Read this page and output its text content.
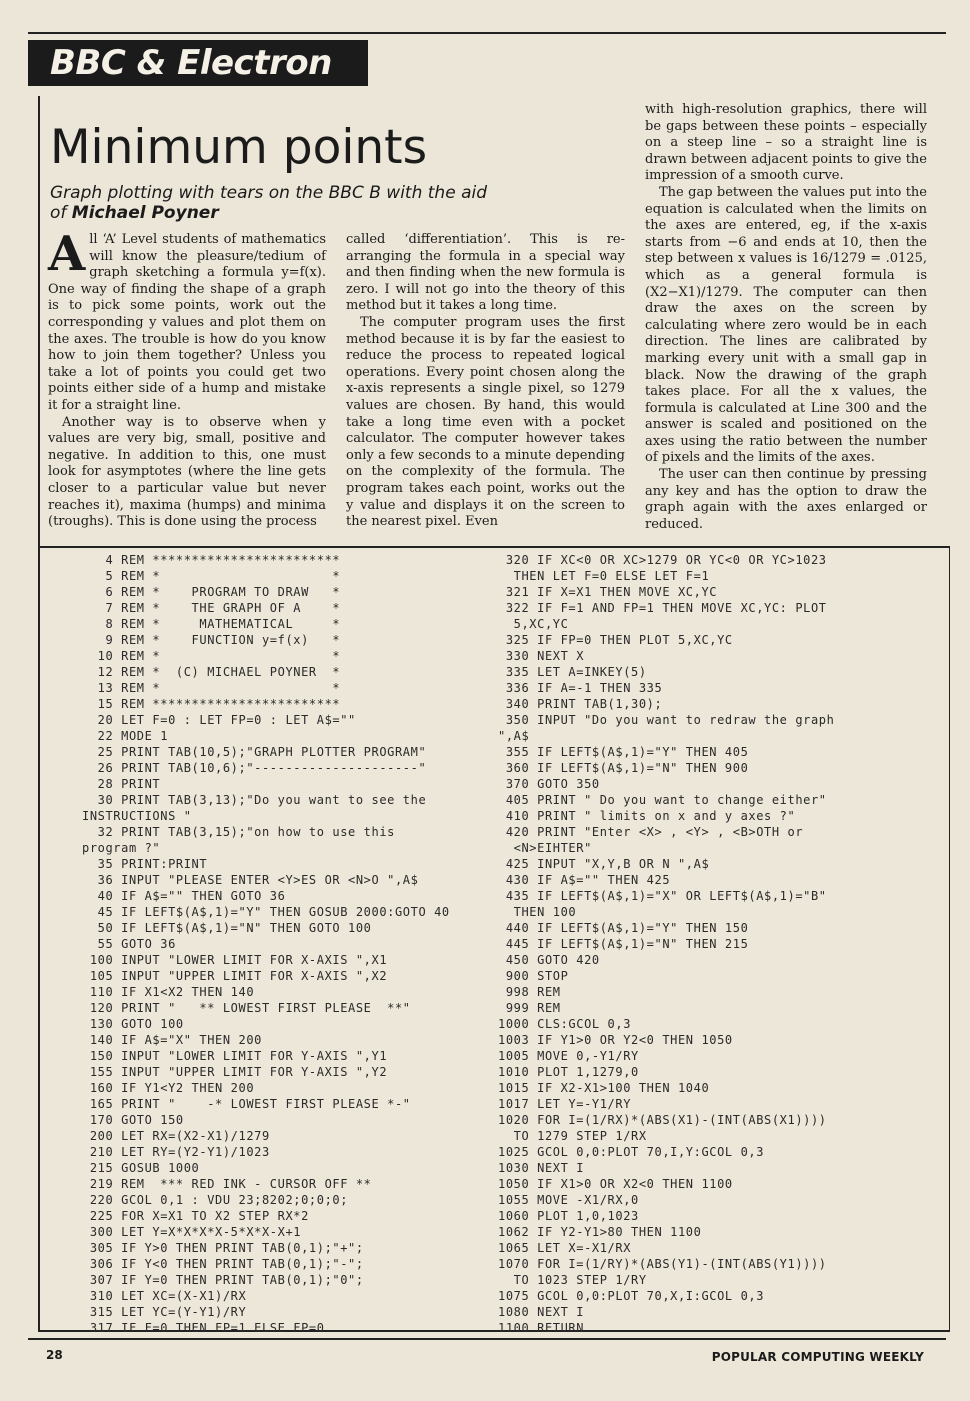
BBC & Electron
Minimum points
Graph plotting with tears on the BBC B with the aid of Michael Poyner

All ‘A’ Level students of mathematics will know the pleasure/tedium of graph sketching a formula y=f(x). One way of finding the shape of a graph is to pick some points, work out the corresponding y values and plot them on the axes. The trouble is how do you know how to join them together? Unless you take a lot of points you could get two points either side of a hump and mistake it for a straight line.

Another way is to observe when y values are very big, small, positive and negative. In addition to this, one must look for asymptotes (where the line gets closer to a particular value but never reaches it), maxima (humps) and minima (troughs). This is done using the process

called ‘differentiation’. This is re-arranging the formula in a special way and then finding when the new formula is zero. I will not go into the theory of this method but it takes a long time.

The computer program uses the first method because it is by far the easiest to reduce the process to repeated logical operations. Every point chosen along the x-axis represents a single pixel, so 1279 values are chosen. By hand, this would take a long time even with a pocket calculator. The computer however takes only a few seconds to a minute depending on the complexity of the formula. The program takes each point, works out the y value and displays it on the screen to the nearest pixel. Even

with high-resolution graphics, there will be gaps between these points – especially on a steep line – so a straight line is drawn between adjacent points to give the impression of a smooth curve.

The gap between the values put into the equation is calculated when the limits on the axes are entered, eg, if the x-axis starts from −6 and ends at 10, then the step between x values is 16/1279 = .0125, which as a general formula is (X2−X1)/1279. The computer can then draw the axes on the screen by calculating where zero would be in each direction. The lines are calibrated by marking every unit with a small gap in black. Now the drawing of the graph takes place. For all the x values, the formula is calculated at Line 300 and the answer is scaled and positioned on the axes using the ratio between the number of pixels and the limits of the axes.

The user can then continue by pressing any key and has the option to draw the graph again with the axes enlarged or reduced.

4 REM ************************
5 REM *                      *
6 REM *    PROGRAM TO DRAW   *
7 REM *    THE GRAPH OF A    *
8 REM *     MATHEMATICAL     *
9 REM *    FUNCTION y=f(x)   *
10 REM *                      *
12 REM *  (C) MICHAEL POYNER  *
13 REM *                      *
15 REM ************************
20 LET F=0 : LET FP=0 : LET A$=""
22 MODE 1
25 PRINT TAB(10,5);"GRAPH PLOTTER PROGRAM"
26 PRINT TAB(10,6);"---------------------"
28 PRINT
30 PRINT TAB(3,13);"Do you want to see the
INSTRUCTIONS "
32 PRINT TAB(3,15);"on how to use this
program ?"
35 PRINT:PRINT
36 INPUT "PLEASE ENTER <Y>ES OR <N>O ",A$
40 IF A$="" THEN GOTO 36
45 IF LEFT$(A$,1)="Y" THEN GOSUB 2000:GOTO 40
50 IF LEFT$(A$,1)="N" THEN GOTO 100
55 GOTO 36
100 INPUT "LOWER LIMIT FOR X-AXIS ",X1
105 INPUT "UPPER LIMIT FOR X-AXIS ",X2
110 IF X1<X2 THEN 140
120 PRINT "   ** LOWEST FIRST PLEASE  **"
130 GOTO 100
140 IF A$="X" THEN 200
150 INPUT "LOWER LIMIT FOR Y-AXIS ",Y1
155 INPUT "UPPER LIMIT FOR Y-AXIS ",Y2
160 IF Y1<Y2 THEN 200
165 PRINT "    -* LOWEST FIRST PLEASE *-"
170 GOTO 150
200 LET RX=(X2-X1)/1279
210 LET RY=(Y2-Y1)/1023
215 GOSUB 1000
219 REM  *** RED INK - CURSOR OFF **
220 GCOL 0,1 : VDU 23;8202;0;0;0;
225 FOR X=X1 TO X2 STEP RX*2
300 LET Y=X*X*X*X-5*X*X-X+1
305 IF Y>0 THEN PRINT TAB(0,1);"+";
306 IF Y<0 THEN PRINT TAB(0,1);"-";
307 IF Y=0 THEN PRINT TAB(0,1);"0";
310 LET XC=(X-X1)/RX
315 LET YC=(Y-Y1)/RY
317 IF F=0 THEN FP=1 ELSE FP=0
320 IF XC<0 OR XC>1279 OR YC<0 OR YC>1023
THEN LET F=0 ELSE LET F=1
321 IF X=X1 THEN MOVE XC,YC
322 IF F=1 AND FP=1 THEN MOVE XC,YC: PLOT
5,XC,YC
325 IF FP=0 THEN PLOT 5,XC,YC
330 NEXT X
335 LET A=INKEY(5)
336 IF A=-1 THEN 335
340 PRINT TAB(1,30);
350 INPUT "Do you want to redraw the graph
",A$
355 IF LEFT$(A$,1)="Y" THEN 405
360 IF LEFT$(A$,1)="N" THEN 900
370 GOTO 350
405 PRINT " Do you want to change either"
410 PRINT " limits on x and y axes ?"
420 PRINT "Enter <X> , <Y> , <B>OTH or
<N>EIHTER"
425 INPUT "X,Y,B OR N ",A$
430 IF A$="" THEN 425
435 IF LEFT$(A$,1)="X" OR LEFT$(A$,1)="B"
THEN 100
440 IF LEFT$(A$,1)="Y" THEN 150
445 IF LEFT$(A$,1)="N" THEN 215
450 GOTO 420
900 STOP
998 REM
999 REM
1000 CLS:GCOL 0,3
1003 IF Y1>0 OR Y2<0 THEN 1050
1005 MOVE 0,-Y1/RY
1010 PLOT 1,1279,0
1015 IF X2-X1>100 THEN 1040
1017 LET Y=-Y1/RY
1020 FOR I=(1/RX)*(ABS(X1)-(INT(ABS(X1))))
TO 1279 STEP 1/RX
1025 GCOL 0,0:PLOT 70,I,Y:GCOL 0,3
1030 NEXT I
1050 IF X1>0 OR X2<0 THEN 1100
1055 MOVE -X1/RX,0
1060 PLOT 1,0,1023
1062 IF Y2-Y1>80 THEN 1100
1065 LET X=-X1/RX
1070 FOR I=(1/RY)*(ABS(Y1)-(INT(ABS(Y1))))
TO 1023 STEP 1/RY
1075 GCOL 0,0:PLOT 70,X,I:GCOL 0,3
1080 NEXT I
1100 RETURN
28	POPULAR COMPUTING WEEKLY
